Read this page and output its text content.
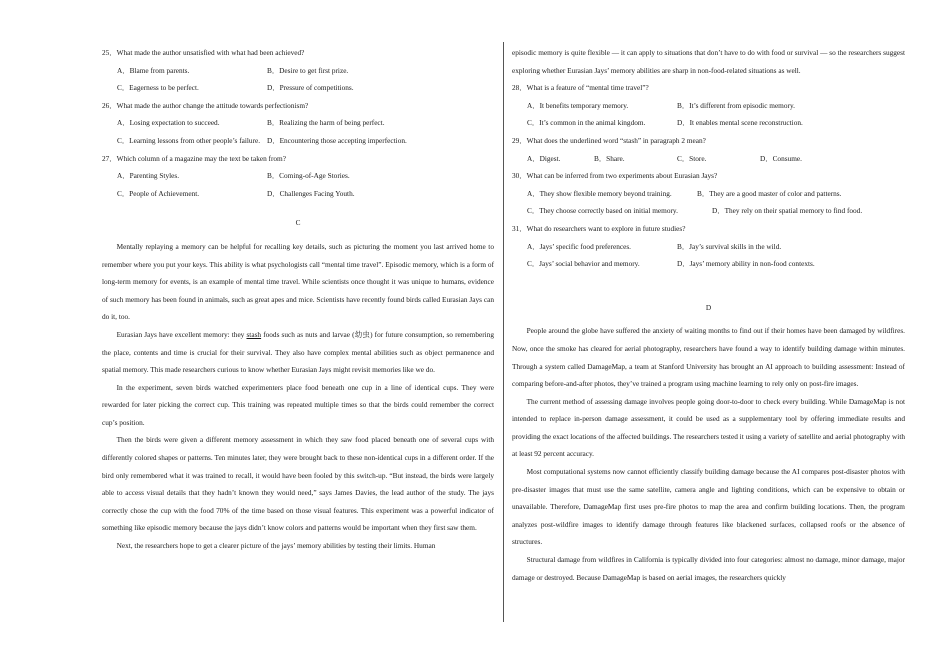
25．What made the author unsatisfied with what had been achieved?

A．Blame from parents.	B．Desire to get first prize.
C．Eagerness to be perfect.	D．Pressure of competitions.

26．What made the author change the attitude towards perfectionism?

A．Losing expectation to succeed.	B．Realizing the harm of being perfect.
C．Learning lessons from other people’s failure. D．Encountering those accepting imperfection.

27．Which column of a magazine may the text be taken from?

A．Parenting Styles.	B．Coming-of-Age Stories.
C．People of Achievement.	D．Challenges Facing Youth.
C

Mentally replaying a memory can be helpful for recalling key details, such as picturing the moment you last arrived home to remember where you put your keys. This ability is what psychologists call “mental time travel”. Episodic memory, which is a form of long-term memory for events, is an example of mental time travel. While scientists once thought it was unique to humans, evidence of such memory has been found in animals, such as great apes and mice. Scientists have recently found birds called Eurasian Jays can do it, too.

Eurasian Jays have excellent memory: they stash foods such as nuts and larvae (幼虫) for future consumption, so remembering the place, contents and time is crucial for their survival. They also have complex mental abilities such as object permanence and spatial memory. This made researchers curious to know whether Eurasian Jays might revisit memories like we do.

In the experiment, seven birds watched experimenters place food beneath one cup in a line of identical cups. They were rewarded for later picking the correct cup. This training was repeated multiple times so that the birds could remember the correct cup’s position.

Then the birds were given a different memory assessment in which they saw food placed beneath one of several cups with differently colored shapes or patterns. Ten minutes later, they were brought back to these non-identical cups in a different order. If the bird only remembered what it was trained to recall, it would have been fooled by this switch-up. “But instead, the birds were largely able to access visual details that they hadn’t known they would need,” says James Davies, the lead author of the study. The jays correctly chose the cup with the food 70% of the time based on those visual features. This experiment was a powerful indicator of something like episodic memory because the jays didn’t know colors and patterns would be important when they first saw them.

Next, the researchers hope to get a clearer picture of the jays’ memory abilities by testing their limits. Human

episodic memory is quite flexible — it can apply to situations that don’t have to do with food or survival — so the researchers suggest exploring whether Eurasian Jays’ memory abilities are sharp in non-food-related situations as well.

28．What is a feature of “mental time travel”?

A．It benefits temporary memory.	B．It’s different from episodic memory.
C．It’s common in the animal kingdom.	D．It enables mental scene reconstruction.

29．What does the underlined word “stash” in paragraph 2 mean?

A．Digest.	B．Share.	C．Store.	D．Consume.

30．What can be inferred from two experiments about Eurasian Jays?

A．They show flexible memory beyond training.	B．They are a good master of color and patterns.
C．They choose correctly based on initial memory.	D．They rely on their spatial memory to find food.

31．What do researchers want to explore in future studies?

A．Jays’ specific food preferences.	B．Jay’s survival skills in the wild.
C．Jays’ social behavior and memory.	D．Jays’ memory ability in non-food contexts.
D

People around the globe have suffered the anxiety of waiting months to find out if their homes have been damaged by wildfires. Now, once the smoke has cleared for aerial photography, researchers have found a way to identify building damage within minutes. Through a system called DamageMap, a team at Stanford University has brought an AI approach to building assessment: Instead of comparing before-and-after photos, they’ve trained a program using machine learning to rely only on post-fire images.

The current method of assessing damage involves people going door-to-door to check every building. While DamageMap is not intended to replace in-person damage assessment, it could be used as a supplementary tool by offering immediate results and providing the exact locations of the affected buildings. The researchers tested it using a variety of satellite and aerial photography with at least 92 percent accuracy.

Most computational systems now cannot efficiently classify building damage because the AI compares post-disaster photos with pre-disaster images that must use the same satellite, camera angle and lighting conditions, which can be expensive to obtain or unavailable. Therefore, DamageMap first uses pre-fire photos to map the area and confirm building locations. Then, the program analyzes post-wildfire images to identify damage through features like blackened surfaces, collapsed roofs or the absence of structures.

Structural damage from wildfires in California is typically divided into four categories: almost no damage, minor damage, major damage or destroyed. Because DamageMap is based on aerial images, the researchers quickly
